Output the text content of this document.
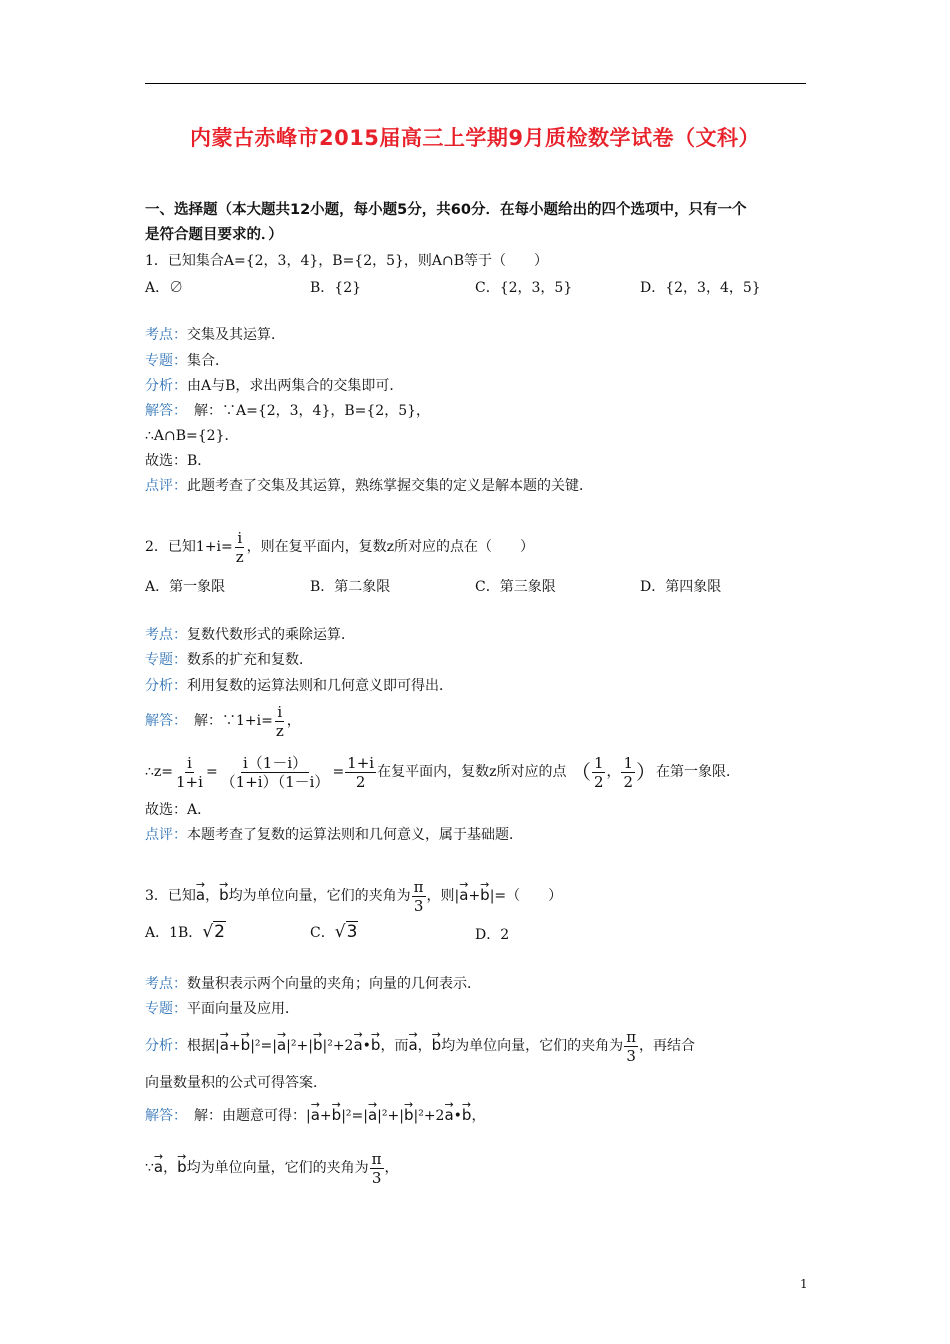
内蒙古赤峰市2015届高三上学期9月质检数学试卷（文科）
一、选择题（本大题共12小题，每小题5分，共60分．在每小题给出的四个选项中，只有一个
是符合题目要求的．）
1．已知集合A={2，3，4}，B={2，5}，则A∩B等于（　　）
A．∅	B．{2}	C．{2，3，5}	D．{2，3，4，5}
考点：交集及其运算．
专题：集合．
分析：由A与B，求出两集合的交集即可．
解答：　解：∵A={2，3，4}，B={2，5}，
∴A∩B={2}．
故选：B．
点评：此题考查了交集及其运算，熟练掌握交集的定义是解本题的关键．
2．已知$1+i= \frac{i}{z}$ ，则在复平面内，复数z所对应的点在（　　）
A．第一象限	B．第二象限	C．第三象限	D．第四象限
考点：复数代数形式的乘除运算．
专题：数系的扩充和复数．
分析：利用复数的运算法则和几何意义即可得出．
解答：　解：∵1+i= $\frac{i}{z}$ ，
∴z= $\frac{i}{1+i} = \frac{i(1-i)}{(1+i)(1-i)} = \frac{1+i}{2}$ 在复平面内，复数z所对应的点 （ $\frac{1}{2}$ ， $\frac{1}{2}$ ）在第一象限．
故选：A．
点评：本题考查了复数的运算法则和几何意义，属于基础题．
3．已知→ a，→ b均为单位向量，它们的夹角为 $\frac{\pi}{3}$ ，则|→ a+→ b|=（　　）
A．1B．√2	C．√3	D．2
考点：数量积表示两个向量的夹角；向量的几何表示．
专题：平面向量及应用．
分析：根据|→ a+→ b|²=|→ a|²+|→ b|²+2→ a•→ b，而→ a，→ b均为单位向量，它们的夹角为 $\frac{\pi}{3}$ ，再结合
向量数量积的公式可得答案．
解答：　解：由题意可得：|→ a+→ b|²=|→ a|²+|→ b|²+2→ a•→ b，
∵→ a，→ b均为单位向量，它们的夹角为 $\frac{\pi}{3}$ ，
1
